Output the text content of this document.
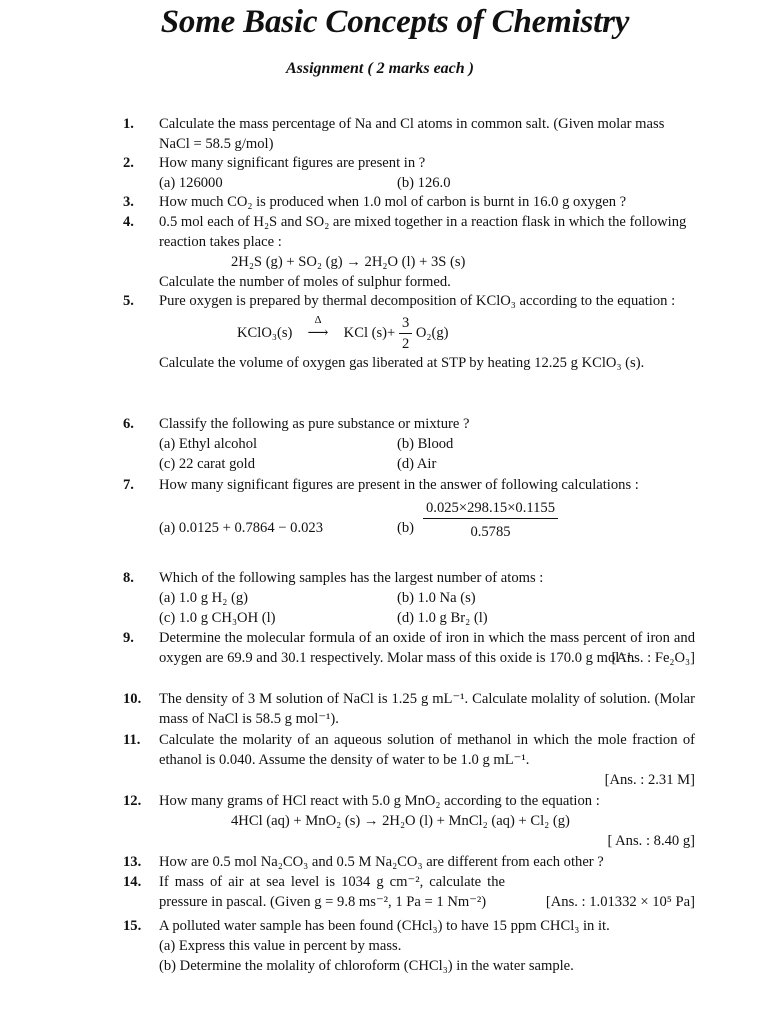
Some Basic Concepts of Chemistry
Assignment ( 2 marks each )
1. Calculate the mass percentage of Na and Cl atoms in common salt. (Given molar mass NaCl = 58.5 g/mol)
2. How many significant figures are present in ?
(a) 126000	(b) 126.0
3. How much CO₂ is produced when 1.0 mol of carbon is burnt in 16.0 g oxygen ?
4. 0.5 mol each of H₂S and SO₂ are mixed together in a reaction flask in which the following reaction takes place :
2H₂S (g) + SO₂ (g) → 2H₂O (l) + 3S (s)
Calculate the number of moles of sulphur formed.
5. Pure oxygen is prepared by thermal decomposition of KClO₃ according to the equation :
KClO₃(s)
Δ
⟶ KCl $(s)+ \frac{3}{2} O_2(g)$
Calculate the volume of oxygen gas liberated at STP by heating 12.25 g KClO₃ (s).
6. Classify the following as pure substance or mixture ?
(a) Ethyl alcohol	(b) Blood
(c) 22 carat gold	(d) Air
7. How many significant figures are present in the answer of following calculations :
(a) 0.0125 + 0.7864 − 0.023	$(b) \frac{0.025\times 298.15\times 0.1155}{0.5785}$
8. Which of the following samples has the largest number of atoms :
(a) 1.0 g H₂ (g)	(b) 1.0 Na (s)
(c) 1.0 g CH₃OH (l)	(d) 1.0 g Br₂ (l)
9. Determine the molecular formula of an oxide of iron in which the mass percent of iron and oxygen are 69.9 and 30.1 respectively. Molar mass of this oxide is 170.0 g mol⁻¹.
[Ans. : Fe₂O₃]
10. The density of 3 M solution of NaCl is 1.25 g mL⁻¹. Calculate molality of solution. (Molar mass of NaCl is 58.5 g mol⁻¹).
11. Calculate the molarity of an aqueous solution of methanol in which the mole fraction of ethanol is 0.040. Assume the density of water to be 1.0 g mL⁻¹.
[Ans. : 2.31 M]
12. How many grams of HCl react with 5.0 g MnO₂ according to the equation :
4HCl (aq) + MnO₂ (s) → 2H₂O (l) + MnCl₂ (aq) + Cl₂ (g)
[ Ans. : 8.40 g]
13. How are 0.5 mol Na₂CO₃ and 0.5 M Na₂CO₃ are different from each other ?
14. If mass of air at sea level is 1034 g cm⁻², calculate the pressure in pascal. (Given g = 9.8 ms⁻², 1 Pa = 1 Nm⁻²)	[Ans. : 1.01332 × 10⁵ Pa]
15. A polluted water sample has been found (CHcl₃) to have 15 ppm CHCl₃ in it.
(a) Express this value in percent by mass.
(b) Determine the molality of chloroform (CHCl₃) in the water sample.
